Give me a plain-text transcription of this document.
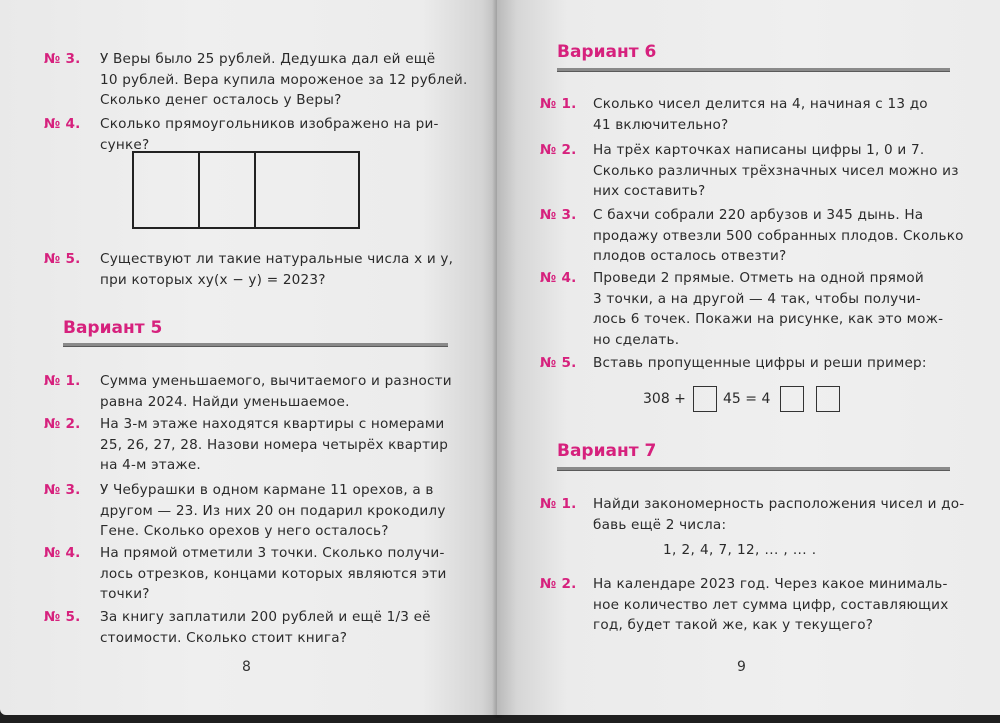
№ 3. У Веры было 25 рублей. Дедушка дал ей ещё
10 рублей. Вера купила мороженое за 12 рублей.
Сколько денег осталось у Веры?
№ 4. Сколько прямоугольников изображено на ри-
сунке?
№ 5. Существуют ли такие натуральные числа x и y,
при которых xy(x − y) = 2023?
Вариант 5
№ 1. Сумма уменьшаемого, вычитаемого и разности
равна 2024. Найди уменьшаемое.
№ 2. На 3-м этаже находятся квартиры с номерами
25, 26, 27, 28. Назови номера четырёх квартир
на 4-м этаже.
№ 3. У Чебурашки в одном кармане 11 орехов, а в
другом — 23. Из них 20 он подарил крокодилу
Гене. Сколько орехов у него осталось?
№ 4. На прямой отметили 3 точки. Сколько получи-
лось отрезков, концами которых являются эти
точки?
№ 5. За книгу заплатили 200 рублей и ещё 1/3 её
стоимости. Сколько стоит книга?
8
Вариант 6
№ 1. Сколько чисел делится на 4, начиная с 13 до
41 включительно?
№ 2. На трёх карточках написаны цифры 1, 0 и 7.
Сколько различных трёхзначных чисел можно из
них составить?
№ 3. С бахчи собрали 220 арбузов и 345 дынь. На
продажу отвезли 500 собранных плодов. Сколько
плодов осталось отвезти?
№ 4. Проведи 2 прямые. Отметь на одной прямой
3 точки, а на другой — 4 так, чтобы получи-
лось 6 точек. Покажи на рисунке, как это мож-
но сделать.
№ 5. Вставь пропущенные цифры и реши пример:
308 +	45 = 4
Вариант 7
№ 1. Найди закономерность расположения чисел и до-
бавь ещё 2 числа:
1, 2, 4, 7, 12, ... , ... .
№ 2. На календаре 2023 год. Через какое минималь-
ное количество лет сумма цифр, составляющих
год, будет такой же, как у текущего?
9
